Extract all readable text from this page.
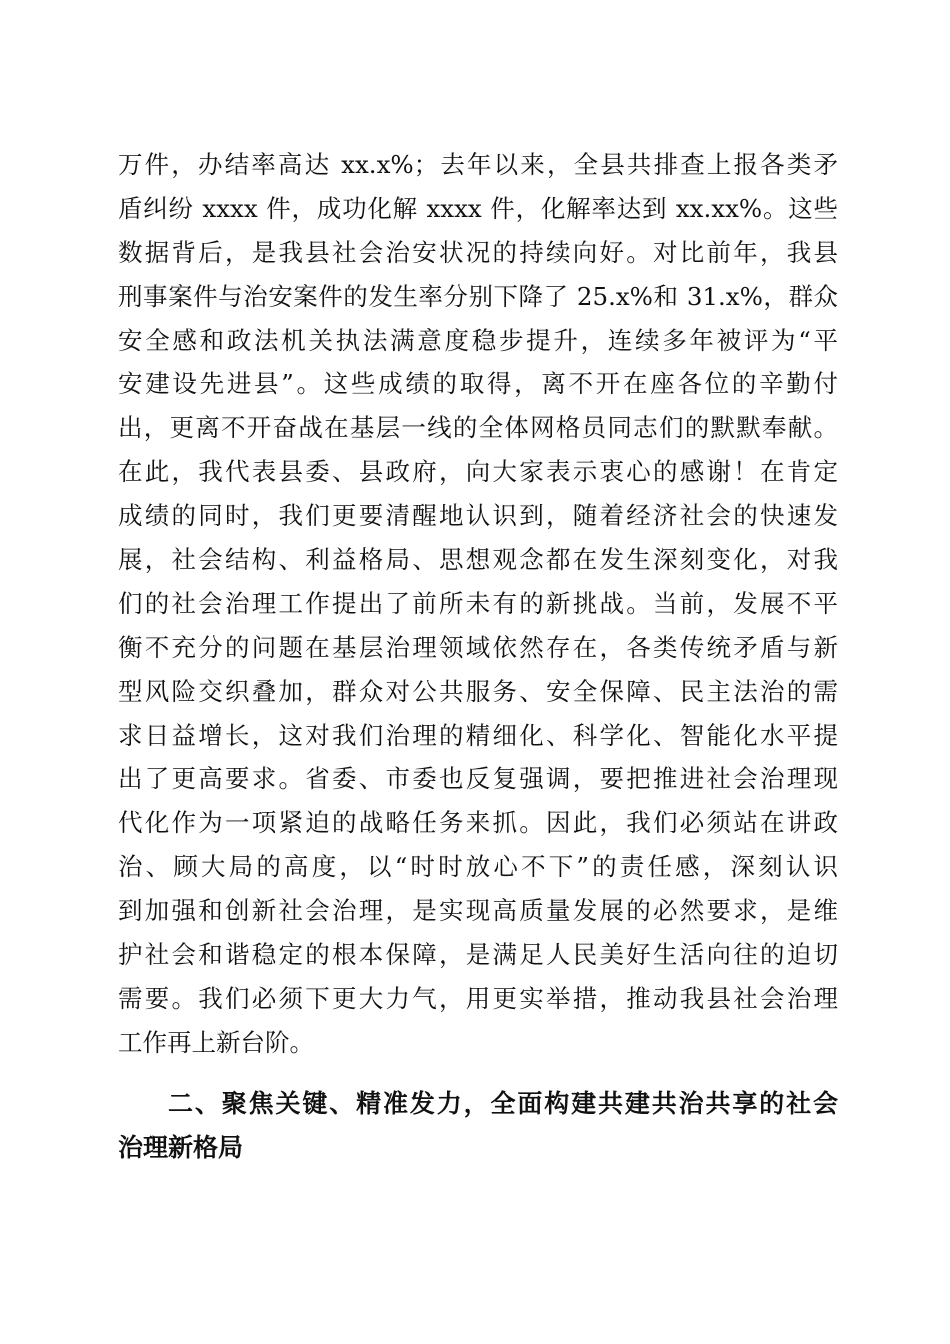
万件，办结率高达 xx.x%；去年以来，全县共排查上报各类矛
盾纠纷 xxxx 件，成功化解 xxxx 件，化解率达到 xx.xx%。这些
数据背后，是我县社会治安状况的持续向好。对比前年，我县
刑事案件与治安案件的发生率分别下降了 25.x%和 31.x%，群众
安全感和政法机关执法满意度稳步提升，连续多年被评为“平
安建设先进县”。这些成绩的取得，离不开在座各位的辛勤付
出，更离不开奋战在基层一线的全体网格员同志们的默默奉献。
在此，我代表县委、县政府，向大家表示衷心的感谢！在肯定
成绩的同时，我们更要清醒地认识到，随着经济社会的快速发
展，社会结构、利益格局、思想观念都在发生深刻变化，对我
们的社会治理工作提出了前所未有的新挑战。当前，发展不平
衡不充分的问题在基层治理领域依然存在，各类传统矛盾与新
型风险交织叠加，群众对公共服务、安全保障、民主法治的需
求日益增长，这对我们治理的精细化、科学化、智能化水平提
出了更高要求。省委、市委也反复强调，要把推进社会治理现
代化作为一项紧迫的战略任务来抓。因此，我们必须站在讲政
治、顾大局的高度，以“时时放心不下”的责任感，深刻认识
到加强和创新社会治理，是实现高质量发展的必然要求，是维
护社会和谐稳定的根本保障，是满足人民美好生活向往的迫切
需要。我们必须下更大力气，用更实举措，推动我县社会治理
工作再上新台阶。
二、聚焦关键、精准发力，全面构建共建共治共享的社会
治理新格局
